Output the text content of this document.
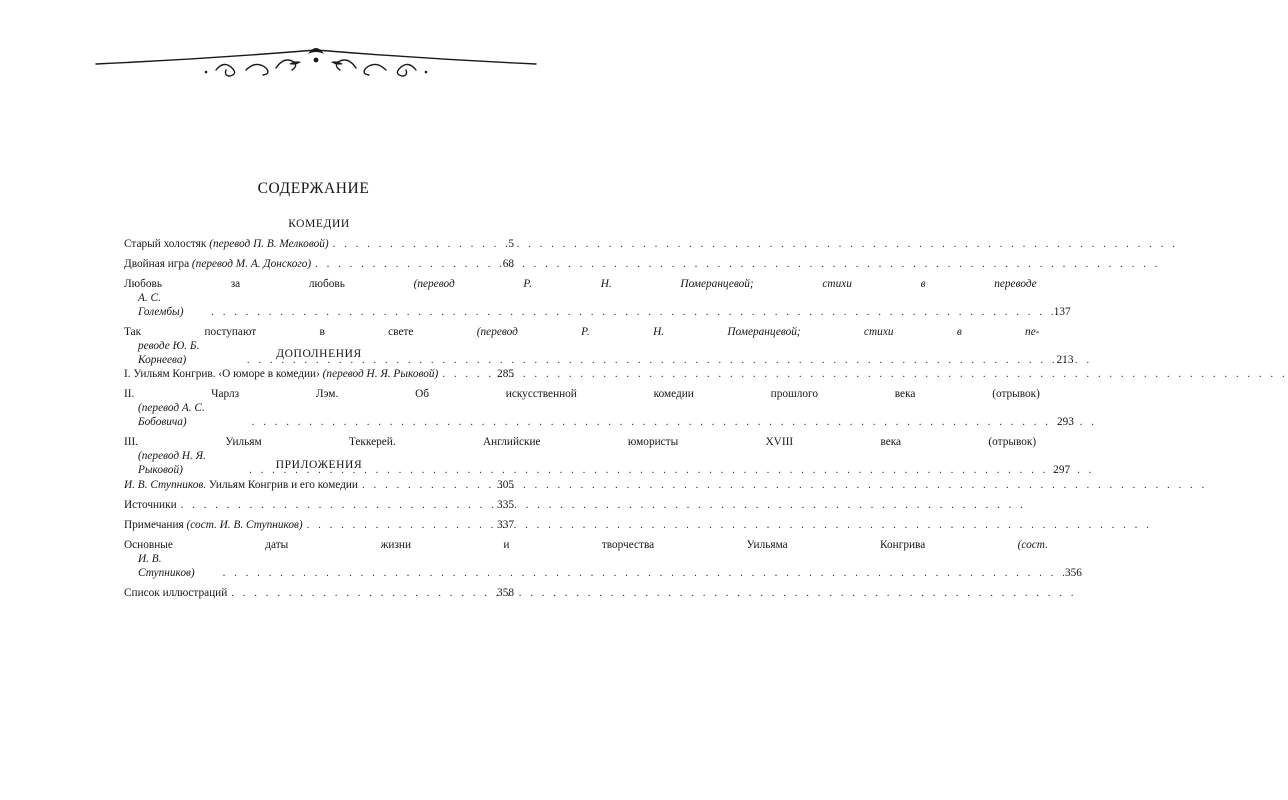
СОДЕРЖАНИЕ
КОМЕДИИ
Старый холостяк (перевод П. В. Мелковой) . . .	5
Двойная игра (перевод М. А. Донского) . . .	68
Любовь за любовь (перевод Р. Н. Померанцевой; стихи в переводе
А. С. Голембы) . . .	137
Так поступают в свете (перевод Р. Н. Померанцевой; стихи в пе-
реводе Ю. Б. Корнеева) . . .	213
ДОПОЛНЕНИЯ
I. Уильям Конгрив. ‹О юморе в комедии› (перевод Н. Я. Рыковой) . . .	285
II. Чарлз Лэм. Об искусственной комедии прошлого века (отрывок)
(перевод А. С. Бобовича) . . .	293
III. Уильям Теккерей. Английские юмористы XVIII века (отрывок)
(перевод Н. Я. Рыковой) . . .	297
ПРИЛОЖЕНИЯ
И. В. Ступников. Уильям Конгрив и его комедии . . .	305
Источники . . .	335
Примечания (сост. И. В. Ступников) . . .	337
Основные даты жизни и творчества Уильяма Конгрива (сост.
И. В. Ступников) . . .	356
Список иллюстраций . . .	358
